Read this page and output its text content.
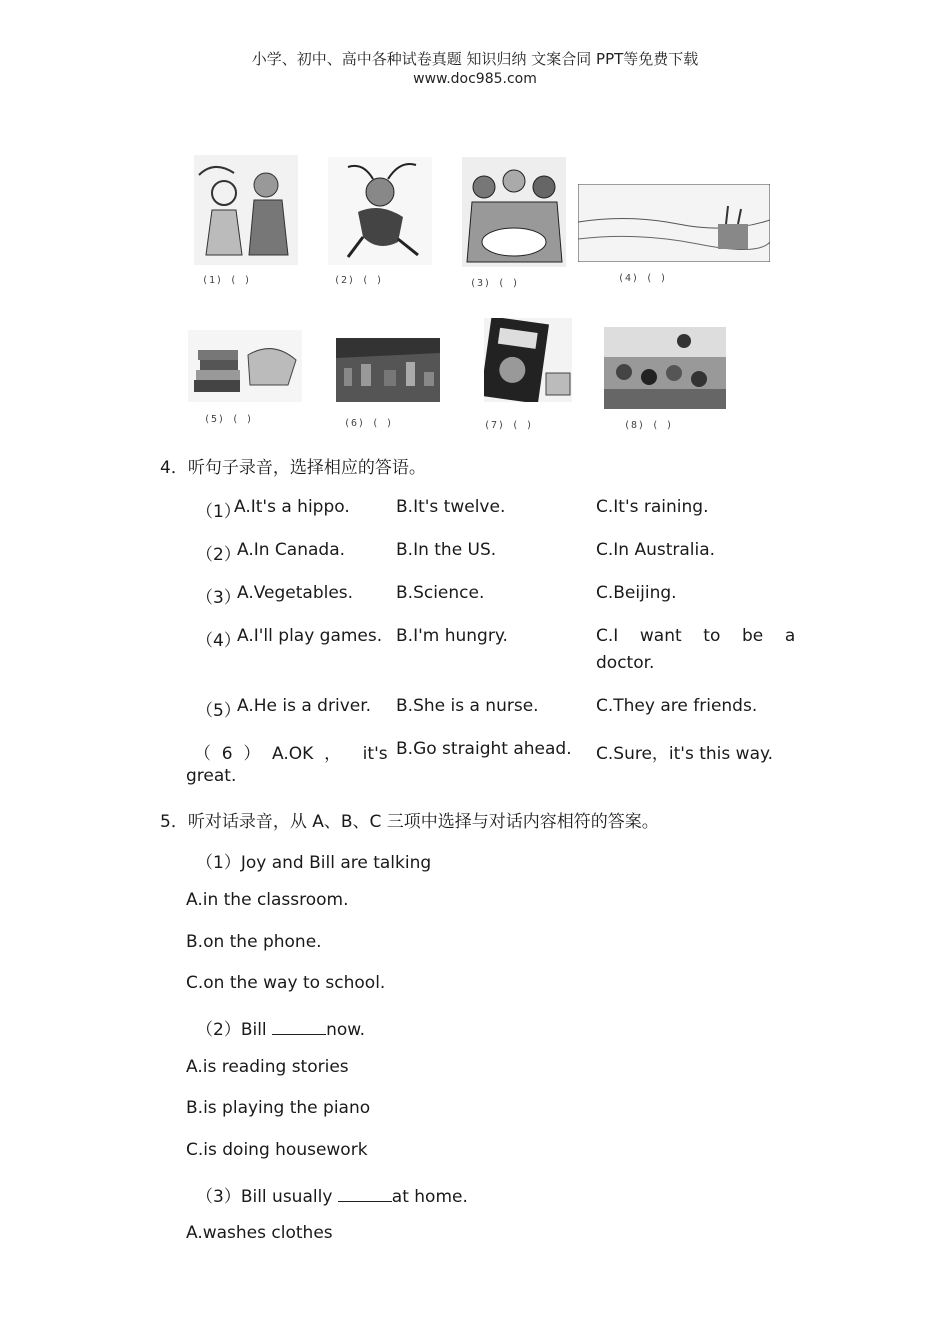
小学、初中、高中各种试卷真题 知识归纳 文案合同 PPT等免费下载
www.doc985.com
(1) ( )	(2) ( )	(3) ( )	(4) ( )
(5) ( )	(6) ( )	(7) ( )	(8) ( )
4．听句子录音，选择相应的答语。
（1）
A.It's a hippo.	B.It's twelve.	C.It's raining.
（2）
A.In Canada.	B.In the US.	C.In Australia.
（3）
A.Vegetables.	B.Science.	C.Beijing.
（4）
A.I'll play games. B.I'm hungry.	C.I    want    to    be    a
doctor.
（5）
A.He is a driver. B.She is a nurse.	C.They are friends.
（  6  ） A.OK  ，    it's
great.
B.Go straight ahead. C.Sure，it's this way.
5．听对话录音，从 A、B、C 三项中选择与对话内容相符的答案。
（1）Joy and Bill are talking
A.in the classroom.
B.on the phone.
C.on the way to school.
（2）Bill	now.
A.is reading stories
B.is playing the piano
C.is doing housework
（3）Bill usually	at home.
A.washes clothes
